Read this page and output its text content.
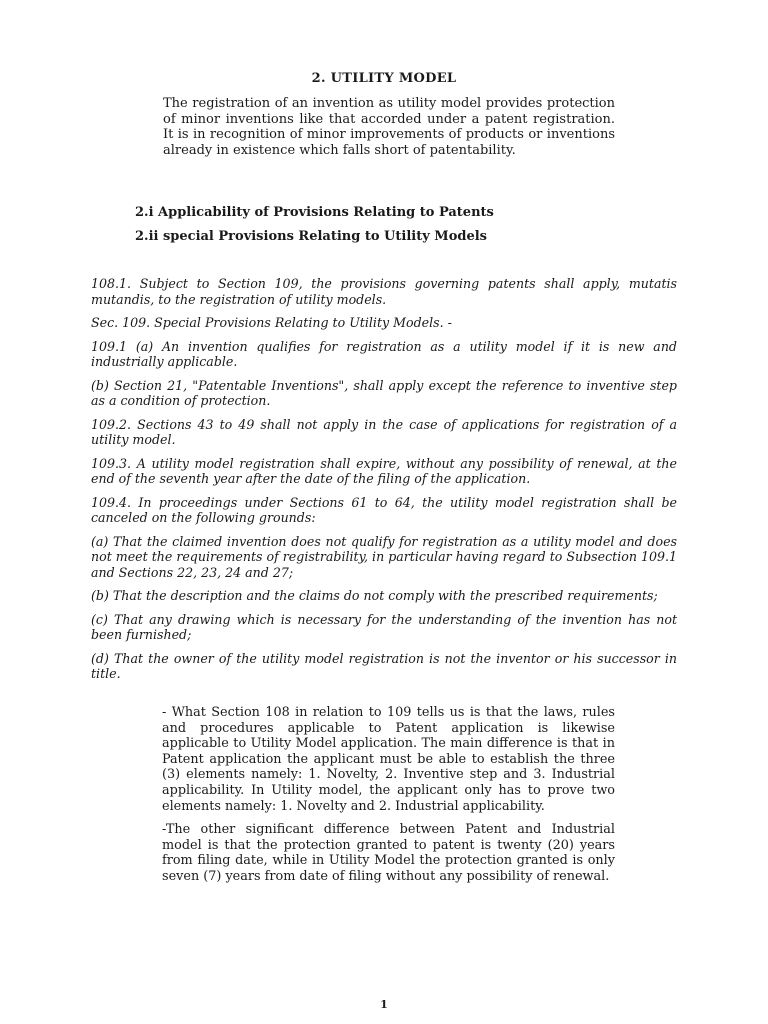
2. UTILITY MODEL

The registration of an invention as utility model provides protection of minor inventions like that accorded under a patent registration. It is in recognition of minor improvements of products or inventions already in existence which falls short of patentability.

2.i Applicability of Provisions Relating to Patents

2.ii special Provisions Relating to Utility Models

108.1. Subject to Section 109, the provisions governing patents shall apply, mutatis mutandis, to the registration of utility models.

Sec. 109. Special Provisions Relating to Utility Models. -

109.1 (a) An invention qualifies for registration as a utility model if it is new and industrially applicable.

(b) Section 21, "Patentable Inventions", shall apply except the reference to inventive step as a condition of protection.

109.2. Sections 43 to 49 shall not apply in the case of applications for registration of a utility model.

109.3. A utility model registration shall expire, without any possibility of renewal, at the end of the seventh year after the date of the filing of the application.

109.4. In proceedings under Sections 61 to 64, the utility model registration shall be canceled on the following grounds:

(a) That the claimed invention does not qualify for registration as a utility model and does not meet the requirements of registrability, in particular having regard to Subsection 109.1 and Sections 22, 23, 24 and 27;

(b) That the description and the claims do not comply with the prescribed requirements;

(c) That any drawing which is necessary for the understanding of the invention has not been furnished;

(d) That the owner of the utility model registration is not the inventor or his successor in title.

- What Section 108 in relation to 109 tells us is that the laws, rules and procedures applicable to Patent application is likewise applicable to Utility Model application. The main difference is that in Patent application the applicant must be able to establish the three (3) elements namely: 1. Novelty, 2. Inventive step and 3. Industrial applicability. In Utility model, the applicant only has to prove two elements namely: 1. Novelty and 2. Industrial applicability.

-The other significant difference between Patent and Industrial model is that the protection granted to patent is twenty (20) years from filing date, while in Utility Model the protection granted is only seven (7) years from date of filing without any possibility of renewal.

1
